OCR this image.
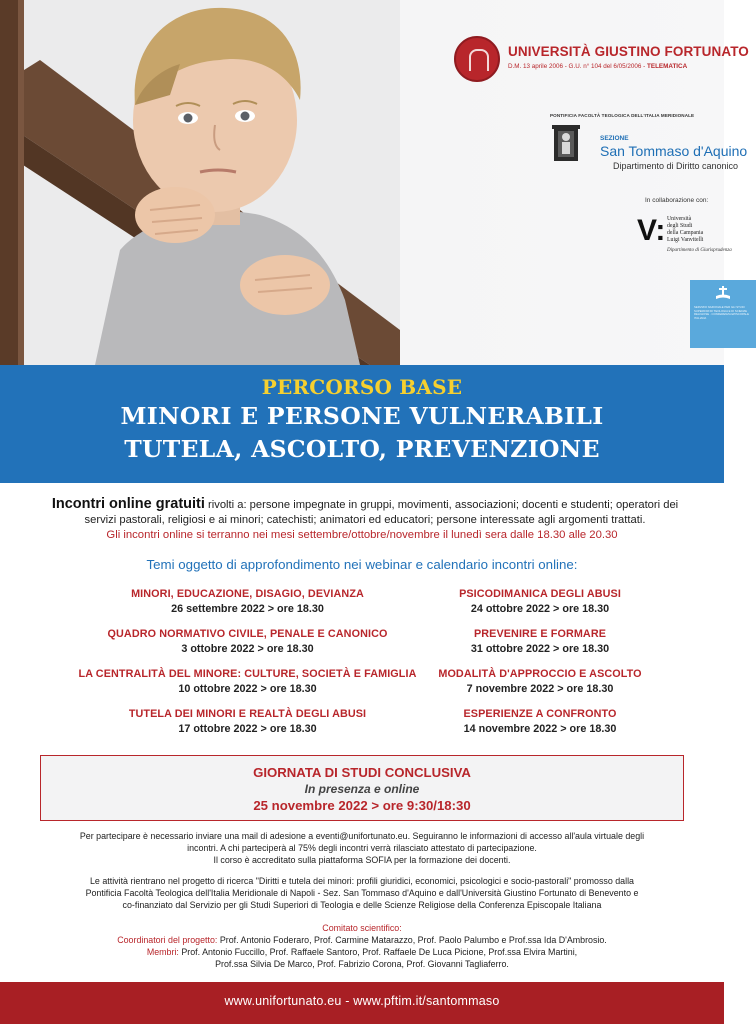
UNIVERSITÀ GIUSTINO FORTUNATO
D.M. 13 aprile 2006 - G.U. n° 104 del 6/05/2006 - TELEMATICA
PONTIFICIA FACOLTÀ TEOLOGICA DELL'ITALIA MERIDIONALE
SEZIONE
San Tommaso d'Aquino
Dipartimento di Diritto canonico
In collaborazione con:
V: Università
degli Studi
della Campania
Luigi Vanvitelli
Dipartimento di Giurisprudenza
SERVIZIO NAZIONALE PER GLI STUDI SUPERIORI DI TEOLOGIA E DI SCIENZE RELIGIOSE · CONFERENZA EPISCOPALE ITALIANA
PERCORSO BASE
MINORI E PERSONE VULNERABILI
TUTELA, ASCOLTO, PREVENZIONE
Incontri online gratuiti rivolti a: persone impegnate in gruppi, movimenti, associazioni; docenti e studenti; operatori dei servizi pastorali, religiosi e ai minori; catechisti; animatori ed educatori; persone interessate agli argomenti trattati.
Gli incontri online si terranno nei mesi settembre/ottobre/novembre il lunedì sera dalle 18.30 alle 20.30
Temi oggetto di approfondimento nei webinar e calendario incontri online:
MINORI, EDUCAZIONE, DISAGIO, DEVIANZA
26 settembre 2022 > ore 18.30
QUADRO NORMATIVO CIVILE, PENALE E CANONICO
3 ottobre 2022 > ore 18.30
LA CENTRALITÀ DEL MINORE: CULTURE, SOCIETÀ E FAMIGLIA
10 ottobre 2022 > ore 18.30
TUTELA DEI MINORI E REALTÀ DEGLI ABUSI
17 ottobre 2022 > ore 18.30
PSICODIMANICA DEGLI ABUSI
24 ottobre 2022 > ore 18.30
PREVENIRE E FORMARE
31 ottobre 2022 > ore 18.30
MODALITÀ D'APPROCCIO E ASCOLTO
7 novembre 2022 > ore 18.30
ESPERIENZE A CONFRONTO
14 novembre 2022 > ore 18.30
GIORNATA DI STUDI CONCLUSIVA
In presenza e online
25 novembre 2022 > ore 9:30/18:30
Per partecipare è necessario inviare una mail di adesione a eventi@unifortunato.eu. Seguiranno le informazioni di accesso all'aula virtuale degli
incontri. A chi parteciperà al 75% degli incontri verrà rilasciato attestato di partecipazione.
Il corso è accreditato sulla piattaforma SOFIA per la formazione dei docenti.
Le attività rientrano nel progetto di ricerca "Diritti e tutela dei minori: profili giuridici, economici, psicologici e socio-pastorali" promosso dalla
Pontificia Facoltà Teologica dell'Italia Meridionale di Napoli - Sez. San Tommaso d'Aquino e dall'Università Giustino Fortunato di Benevento e
co-finanziato dal Servizio per gli Studi Superiori di Teologia e delle Scienze Religiose della Conferenza Episcopale Italiana
Comitato scientifico:
Coordinatori del progetto: Prof. Antonio Foderaro, Prof. Carmine Matarazzo, Prof. Paolo Palumbo e Prof.ssa Ida D'Ambrosio.
Membri: Prof. Antonio Fuccillo, Prof. Raffaele Santoro, Prof. Raffaele De Luca Picione, Prof.ssa Elvira Martini,
Prof.ssa Silvia De Marco, Prof. Fabrizio Corona, Prof. Giovanni Tagliaferro.
www.unifortunato.eu - www.pftim.it/santommaso
